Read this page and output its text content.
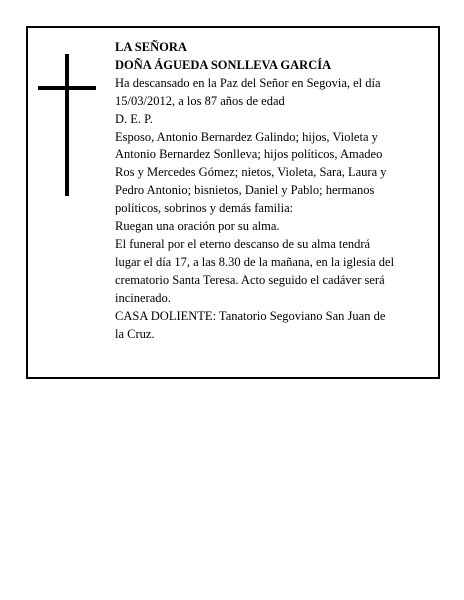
LA SEÑORA
DOÑA ÁGUEDA SONLLEVA GARCÍA
Ha descansado en la Paz del Señor en Segovia, el día
15/03/2012, a los 87 años de edad
D. E. P.
Esposo, Antonio Bernardez Galindo; hijos, Violeta y
Antonio Bernardez Sonlleva; hijos políticos, Amadeo
Ros y Mercedes Gómez; nietos, Violeta, Sara, Laura y
Pedro Antonio; bisnietos, Daniel y Pablo; hermanos
políticos, sobrinos y demás familia:
Ruegan una oración por su alma.
El funeral por el eterno descanso de su alma tendrá
lugar el día 17, a las 8.30 de la mañana, en la iglesia del
crematorio Santa Teresa. Acto seguido el cadáver será
incinerado.
CASA DOLIENTE: Tanatorio Segoviano San Juan de
la Cruz.
